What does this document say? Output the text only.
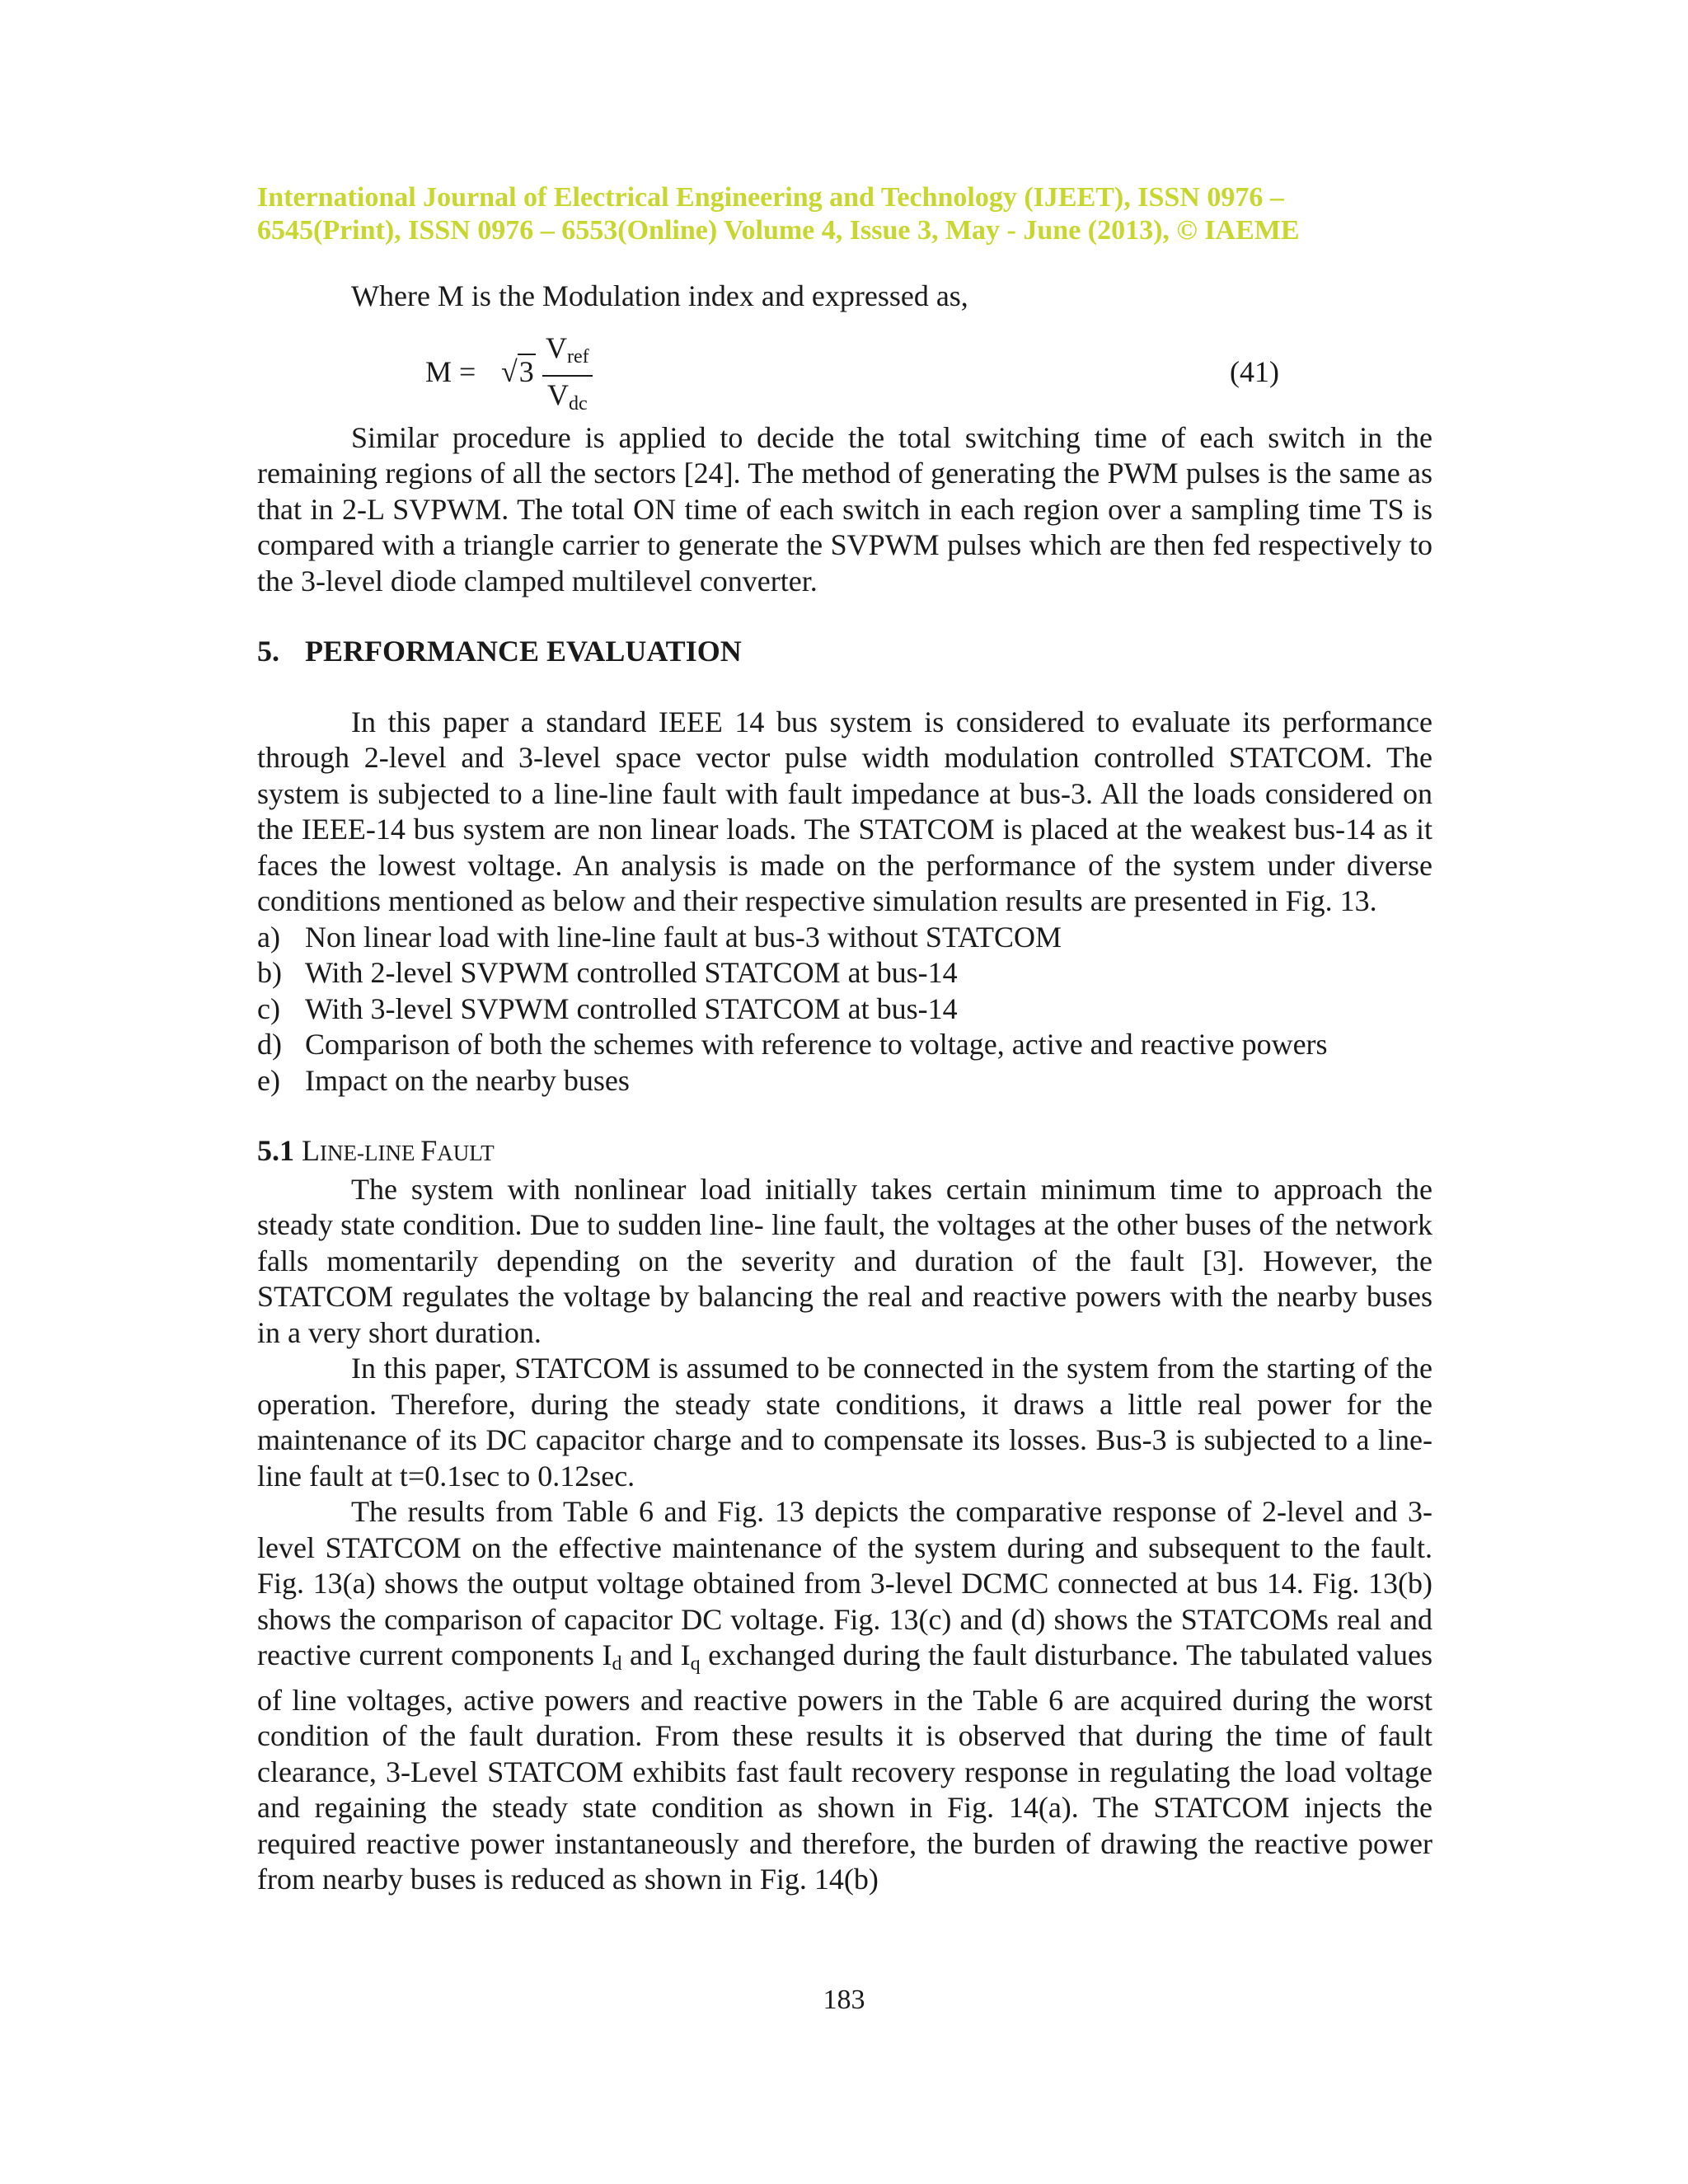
International Journal of Electrical Engineering and Technology (IJEET), ISSN 0976 –
6545(Print), ISSN 0976 – 6553(Online) Volume 4, Issue 3, May - June (2013), © IAEME

Where M is the Modulation index and expressed as,

M = √3
$V_{ref}$
$V_{dc}$
(41)

Similar procedure is applied to decide the total switching time of each switch in the remaining regions of all the sectors [24]. The method of generating the PWM pulses is the same as that in 2-L SVPWM. The total ON time of each switch in each region over a sampling time TS is compared with a triangle carrier to generate the SVPWM pulses which are then fed respectively to the 3-level diode clamped multilevel converter.

5. PERFORMANCE EVALUATION

In this paper a standard IEEE 14 bus system is considered to evaluate its performance through 2-level and 3-level space vector pulse width modulation controlled STATCOM. The system is subjected to a line-line fault with fault impedance at bus-3. All the loads considered on the IEEE-14 bus system are non linear loads. The STATCOM is placed at the weakest bus-14 as it faces the lowest voltage. An analysis is made on the performance of the system under diverse conditions mentioned as below and their respective simulation results are presented in Fig. 13.

a) Non linear load with line-line fault at bus-3 without STATCOM
b) With 2-level SVPWM controlled STATCOM at bus-14
c) With 3-level SVPWM controlled STATCOM at bus-14
d) Comparison of both the schemes with reference to voltage, active and reactive powers
e) Impact on the nearby buses
5.1 LINE-LINE FAULT

The system with nonlinear load initially takes certain minimum time to approach the steady state condition. Due to sudden line- line fault, the voltages at the other buses of the network falls momentarily depending on the severity and duration of the fault [3]. However, the STATCOM regulates the voltage by balancing the real and reactive powers with the nearby buses in a very short duration.

In this paper, STATCOM is assumed to be connected in the system from the starting of the operation. Therefore, during the steady state conditions, it draws a little real power for the maintenance of its DC capacitor charge and to compensate its losses. Bus-3 is subjected to a line-line fault at t=0.1sec to 0.12sec.

The results from Table 6 and Fig. 13 depicts the comparative response of 2-level and 3-level STATCOM on the effective maintenance of the system during and subsequent to the fault. Fig. 13(a) shows the output voltage obtained from 3-level DCMC connected at bus 14. Fig. 13(b) shows the comparison of capacitor DC voltage. Fig. 13(c) and (d) shows the STATCOMs real and reactive current components $I_d$ and $I_q$ exchanged during the fault disturbance. The tabulated values of line voltages, active powers and reactive powers in the Table 6 are acquired during the worst condition of the fault duration. From these results it is observed that during the time of fault clearance, 3-Level STATCOM exhibits fast fault recovery response in regulating the load voltage and regaining the steady state condition as shown in Fig. 14(a). The STATCOM injects the required reactive power instantaneously and therefore, the burden of drawing the reactive power from nearby buses is reduced as shown in Fig. 14(b)

183
